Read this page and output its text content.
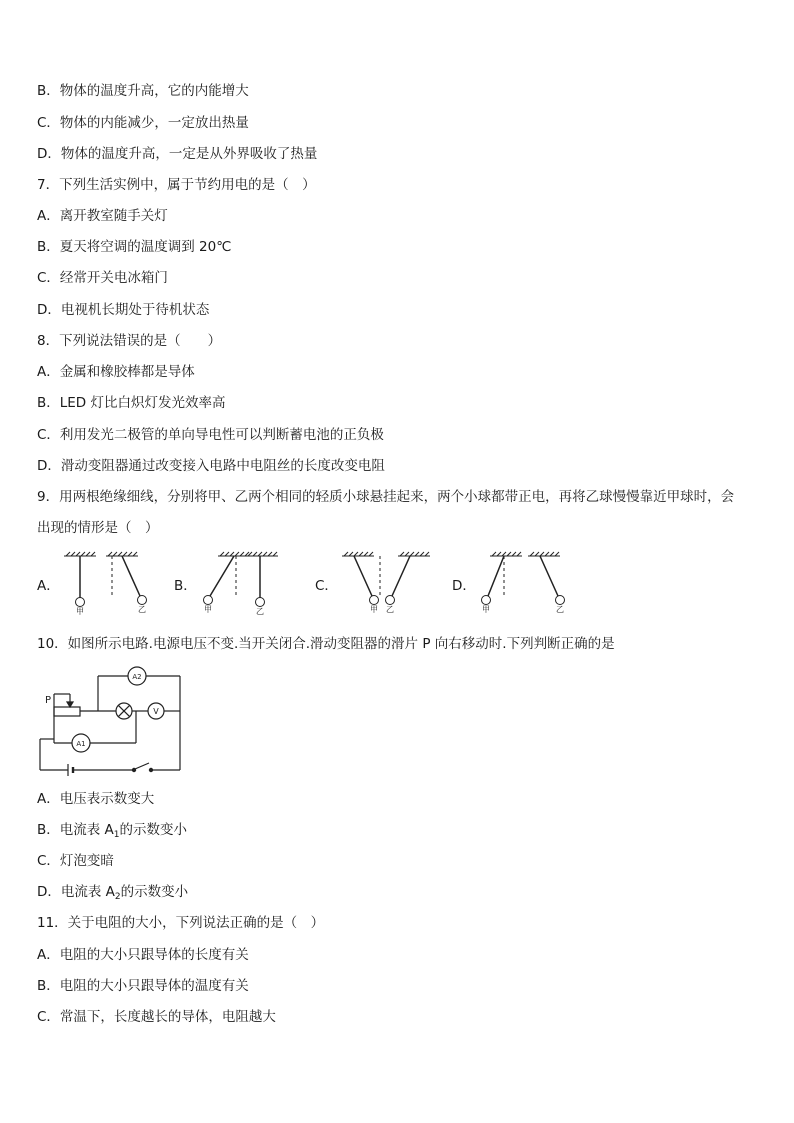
B．物体的温度升高，它的内能增大
C．物体的内能减少，一定放出热量
D．物体的温度升高，一定是从外界吸收了热量
7．下列生活实例中，属于节约用电的是（　）
A．离开教室随手关灯
B．夏天将空调的温度调到 20℃
C．经常开关电冰箱门
D．电视机长期处于待机状态
8．下列说法错误的是（　　）
A．金属和橡胶棒都是导体
B．LED 灯比白炽灯发光效率高
C．利用发光二极管的单向导电性可以判断蓄电池的正负极
D．滑动变阻器通过改变接入电路中电阻丝的长度改变电阻
9．用两根绝缘细线，分别将甲、乙两个相同的轻质小球悬挂起来，两个小球都带正电，再将乙球慢慢靠近甲球时，会
出现的情形是（　）
A．	B．	C．	D．
甲	乙	甲	乙	甲 乙	甲	乙
10．如图所示电路.电源电压不变.当开关闭合.滑动变阻器的滑片 P 向右移动时.下列判断正确的是
P
A2
V
A1
A．电压表示数变大
B．电流表 $A_1$的示数变小
C．灯泡变暗
D．电流表 $A_2$的示数变小
11．关于电阻的大小，下列说法正确的是（　）
A．电阻的大小只跟导体的长度有关
B．电阻的大小只跟导体的温度有关
C．常温下，长度越长的导体，电阻越大
